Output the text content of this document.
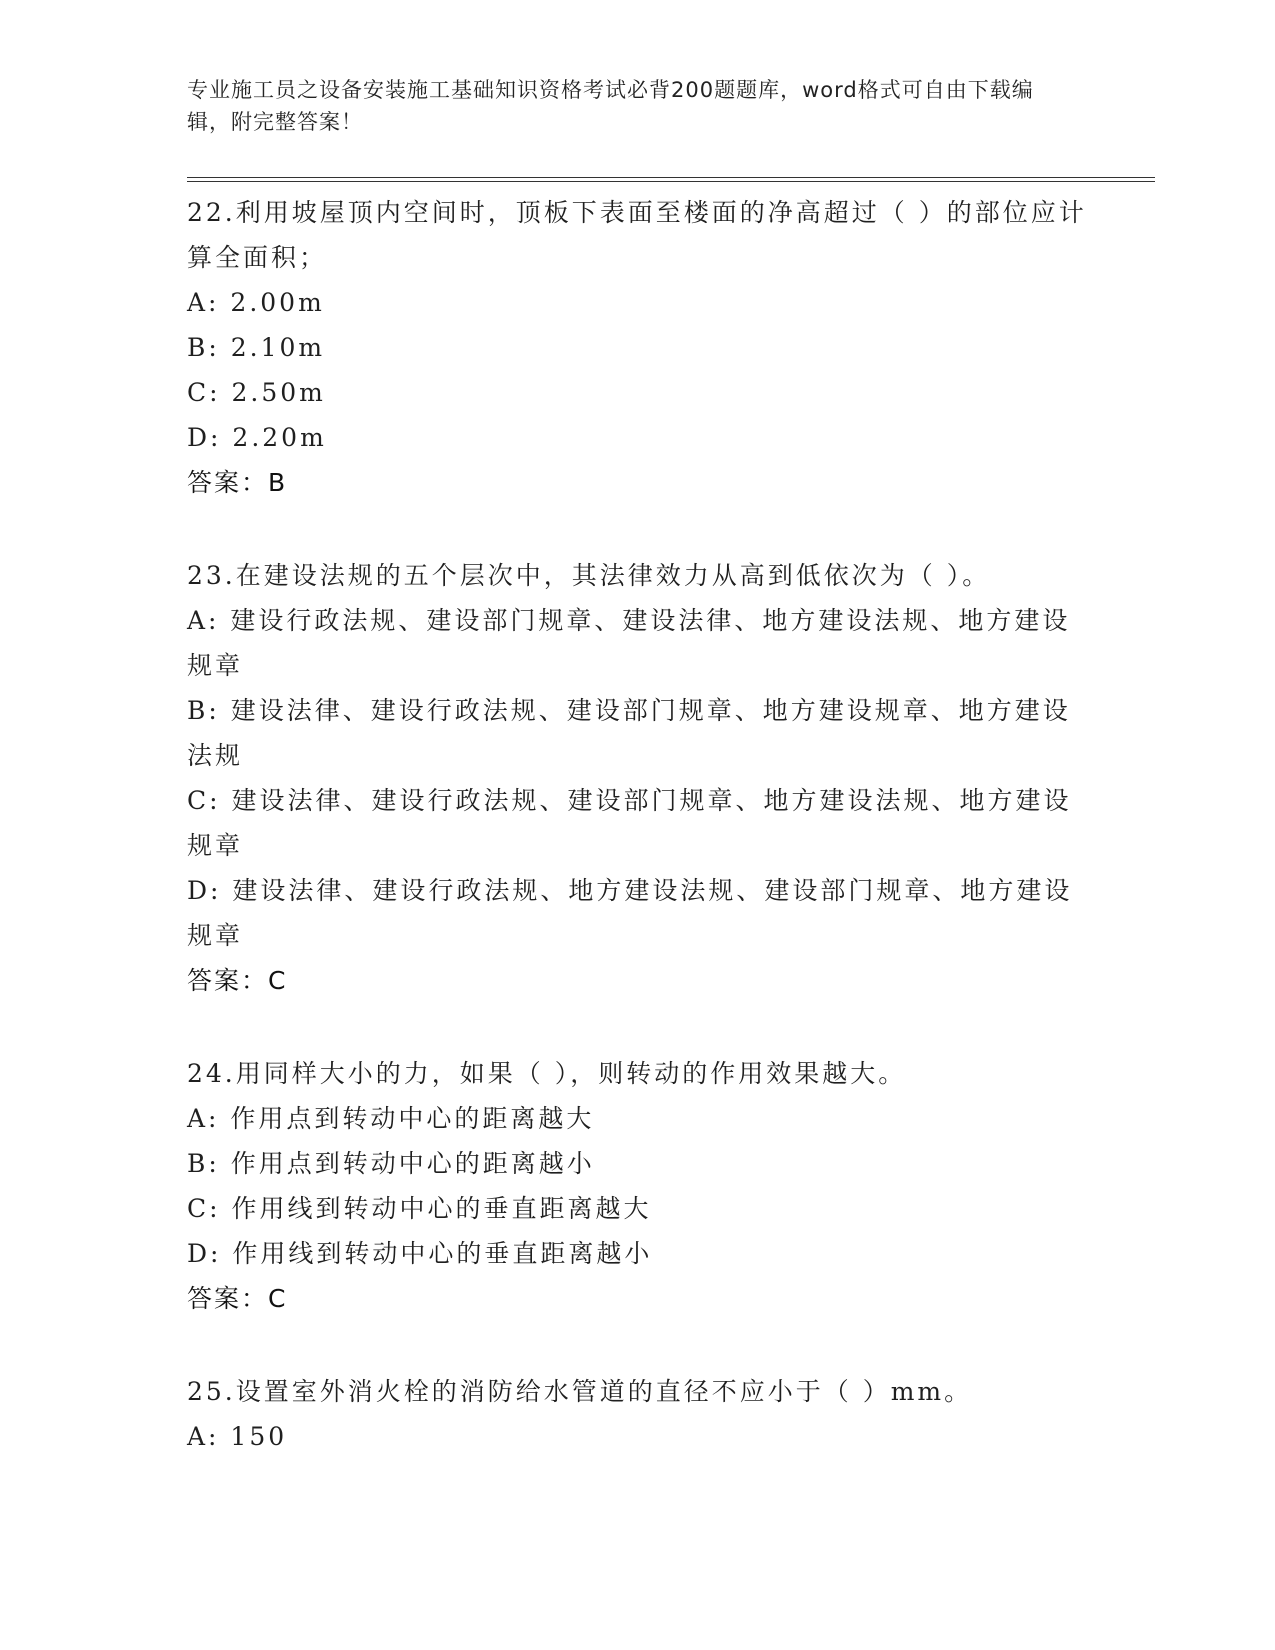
专业施工员之设备安装施工基础知识资格考试必背200题题库，word格式可自由下载编辑，附完整答案！
22.利用坡屋顶内空间时，顶板下表面至楼面的净高超过（ ）的部位应计算全面积；
A: 2.00m
B: 2.10m
C: 2.50m
D: 2.20m
答案：B
23.在建设法规的五个层次中，其法律效力从高到低依次为（ ）。
A: 建设行政法规、建设部门规章、建设法律、地方建设法规、地方建设规章
B: 建设法律、建设行政法规、建设部门规章、地方建设规章、地方建设法规
C: 建设法律、建设行政法规、建设部门规章、地方建设法规、地方建设规章
D: 建设法律、建设行政法规、地方建设法规、建设部门规章、地方建设规章
答案：C
24.用同样大小的力，如果（ ），则转动的作用效果越大。
A: 作用点到转动中心的距离越大
B: 作用点到转动中心的距离越小
C: 作用线到转动中心的垂直距离越大
D: 作用线到转动中心的垂直距离越小
答案：C
25.设置室外消火栓的消防给水管道的直径不应小于（ ）mm。
A: 150
